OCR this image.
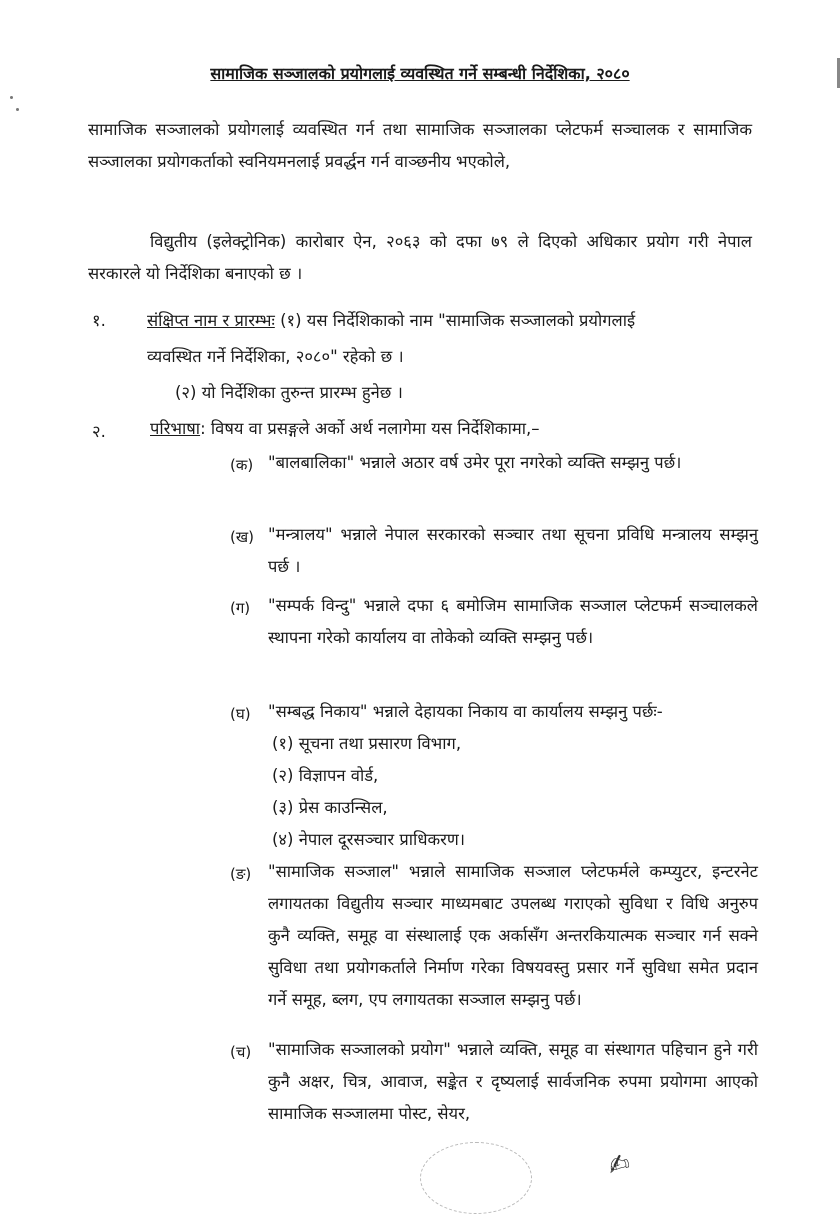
सामाजिक सञ्जालको प्रयोगलाई व्यवस्थित गर्ने सम्बन्धी निर्देशिका, २०८०
सामाजिक सञ्जालको प्रयोगलाई व्यवस्थित गर्न तथा सामाजिक सञ्जालका प्लेटफर्म सञ्चालक र सामाजिक सञ्जालका प्रयोगकर्ताको स्वनियमनलाई प्रवर्द्धन गर्न वाञ्छनीय भएकोले,
विद्युतीय (इलेक्ट्रोनिक) कारोबार ऐन, २०६३ को दफा ७९ ले दिएको अधिकार प्रयोग गरी नेपाल सरकारले यो निर्देशिका बनाएको छ ।
१. संक्षिप्त नाम र प्रारम्भः (१) यस निर्देशिकाको नाम "सामाजिक सञ्जालको प्रयोगलाई
व्यवस्थित गर्ने निर्देशिका, २०८०" रहेको छ ।
(२) यो निर्देशिका तुरुन्त प्रारम्भ हुनेछ ।
२.	परिभाषा: विषय वा प्रसङ्गले अर्को अर्थ नलागेमा यस निर्देशिकामा,–
(क) "बालबालिका" भन्नाले अठार वर्ष उमेर पूरा नगरेको व्यक्ति सम्झनु पर्छ।
(ख) "मन्त्रालय" भन्नाले नेपाल सरकारको सञ्चार तथा सूचना प्रविधि मन्त्रालय सम्झनु पर्छ ।
(ग) "सम्पर्क विन्दु" भन्नाले दफा ६ बमोजिम सामाजिक सञ्जाल प्लेटफर्म सञ्चालकले स्थापना गरेको कार्यालय वा तोकेको व्यक्ति सम्झनु पर्छ।
(घ) "सम्बद्ध निकाय" भन्नाले देहायका निकाय वा कार्यालय सम्झनु पर्छः-
(१) सूचना तथा प्रसारण विभाग,
(२) विज्ञापन वोर्ड,
(३) प्रेस काउन्सिल,
(४) नेपाल दूरसञ्चार प्राधिकरण।
(ङ) "सामाजिक सञ्जाल" भन्नाले सामाजिक सञ्जाल प्लेटफर्मले कम्प्युटर, इन्टरनेट लगायतका विद्युतीय सञ्चार माध्यमबाट उपलब्ध गराएको सुविधा र विधि अनुरुप कुनै व्यक्ति, समूह वा संस्थालाई एक अर्कासँग अन्तरकियात्मक सञ्चार गर्न सक्ने सुविधा तथा प्रयोगकर्ताले निर्माण गरेका विषयवस्तु प्रसार गर्ने सुविधा समेत प्रदान गर्ने समूह, ब्लग, एप लगायतका सञ्जाल सम्झनु पर्छ।
(च) "सामाजिक सञ्जालको प्रयोग" भन्नाले व्यक्ति, समूह वा संस्थागत पहिचान हुने गरी कुनै अक्षर, चित्र, आवाज, सङ्केत र दृष्यलाई सार्वजनिक रुपमा प्रयोगमा आएको सामाजिक सञ्जालमा पोस्ट, सेयर,
✍
